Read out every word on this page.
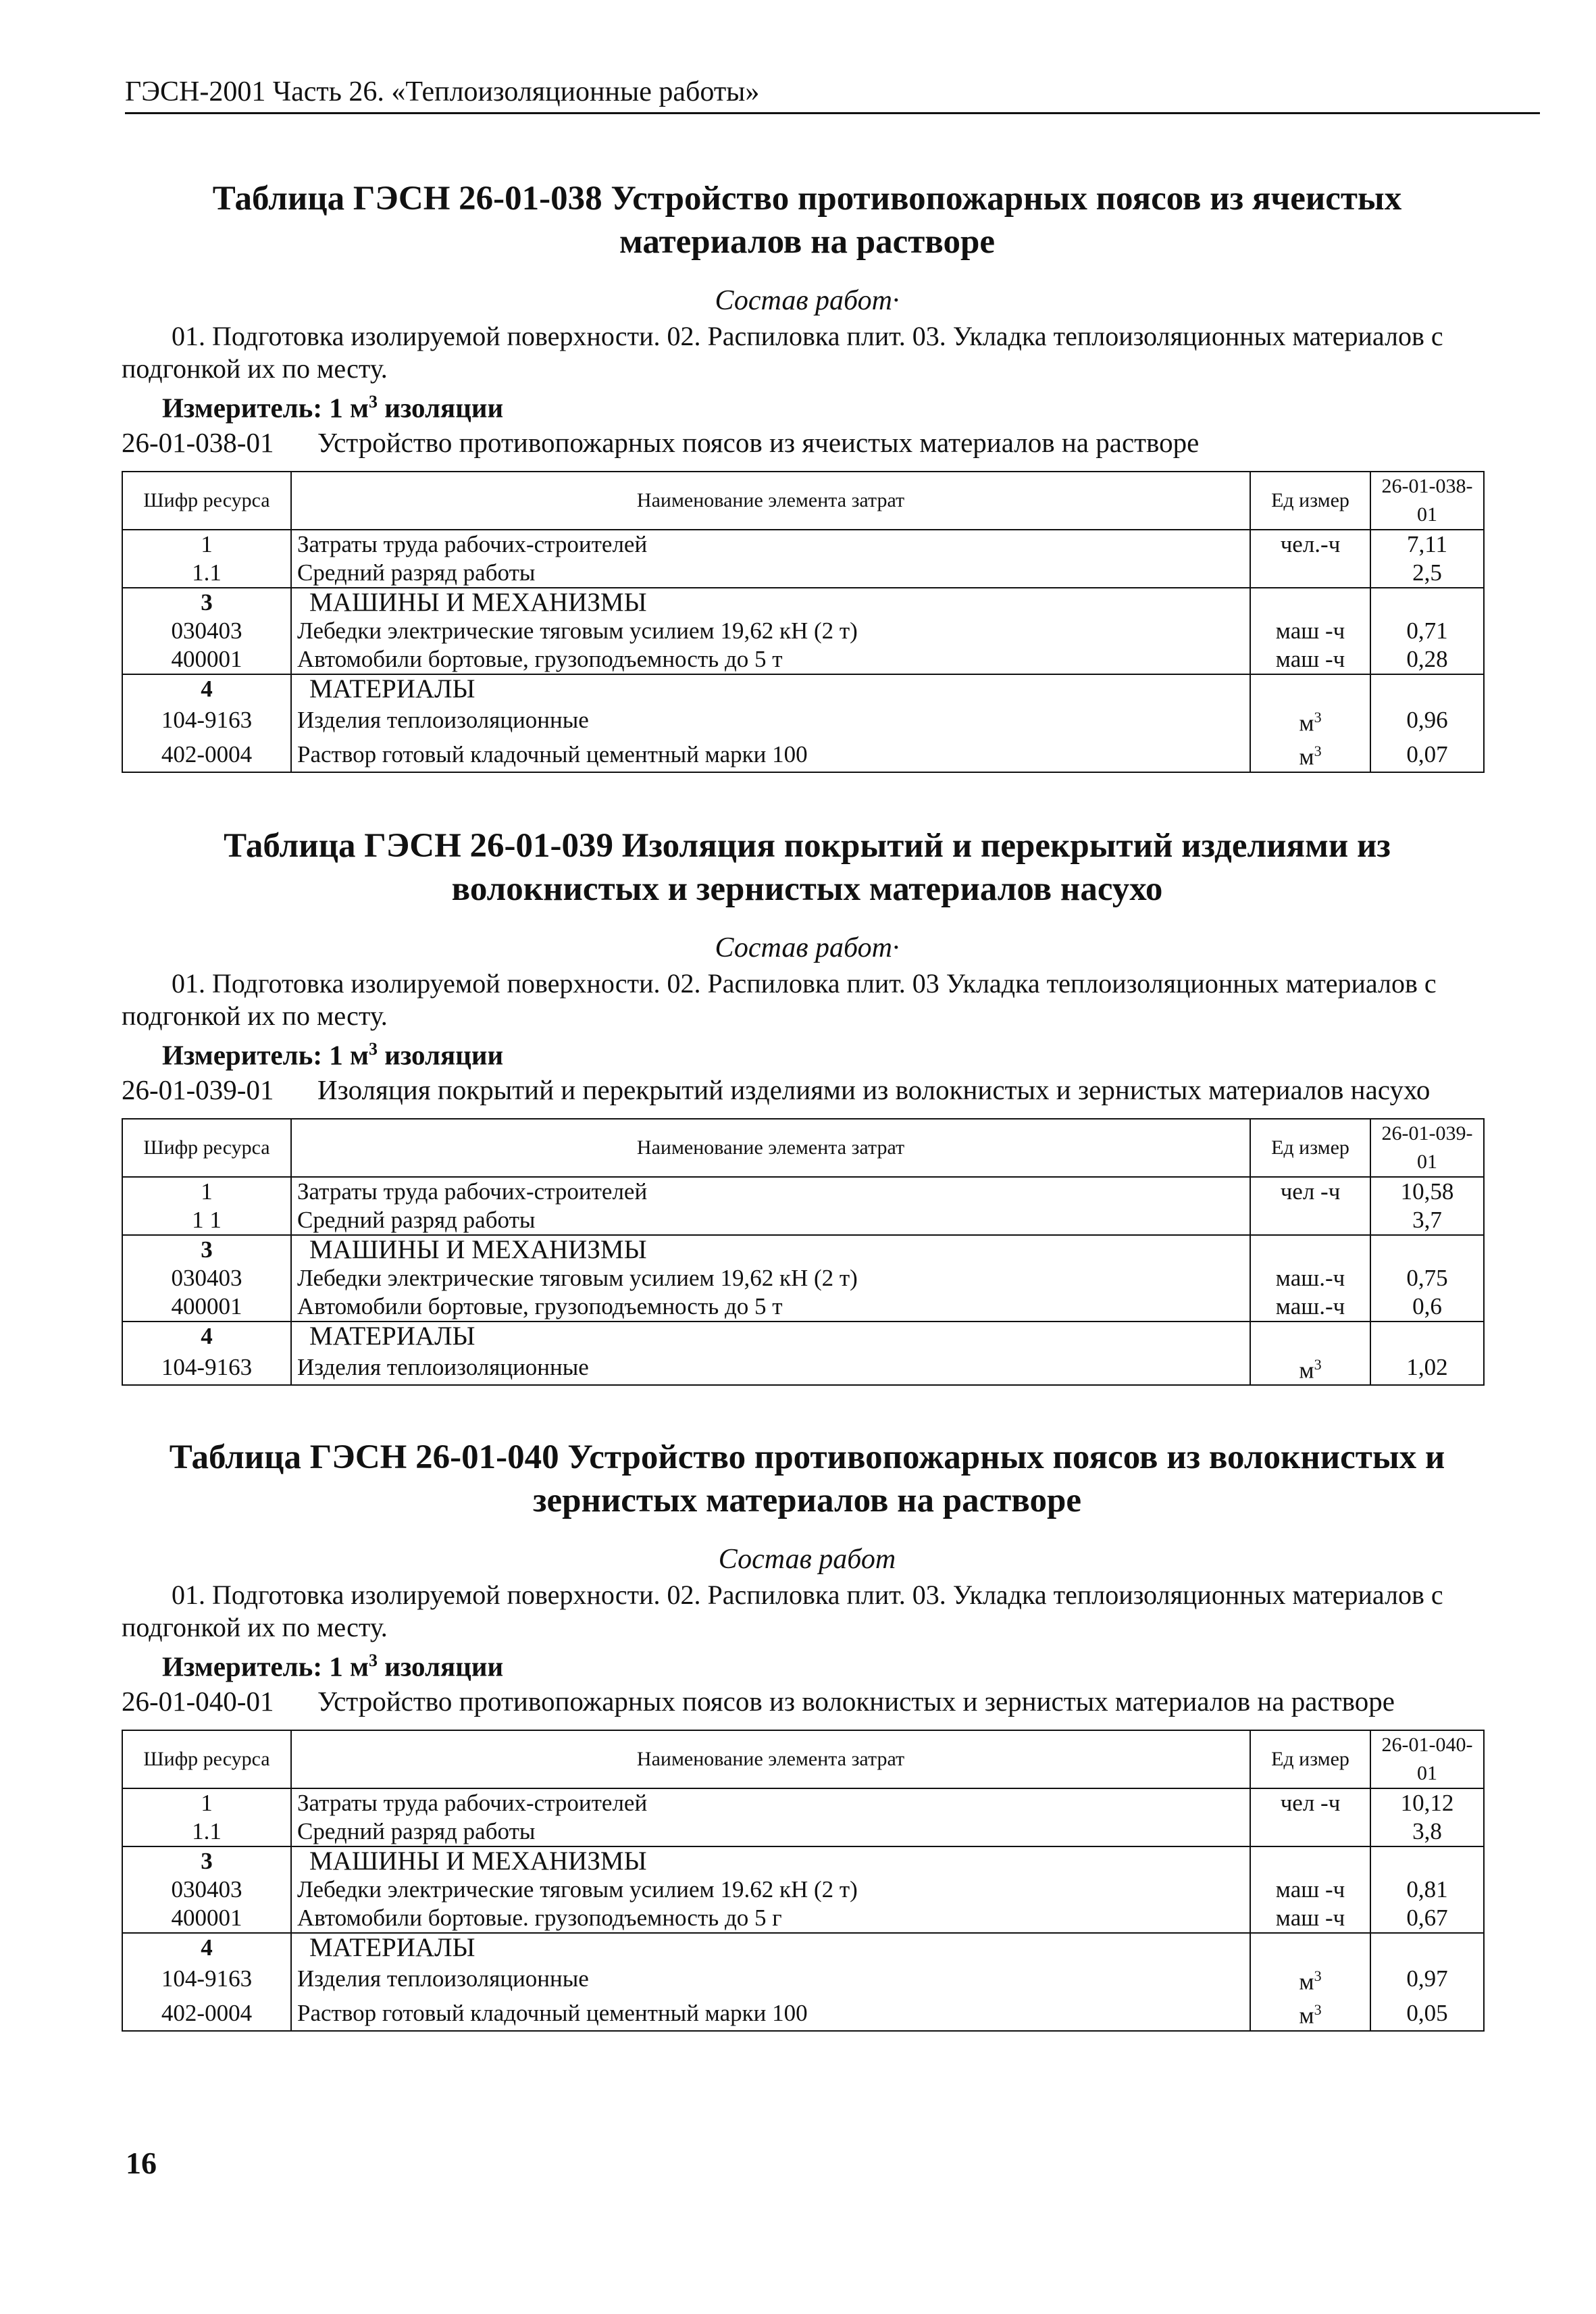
ГЭСН-2001 Часть 26. «Теплоизоляционные работы»
Таблица ГЭСН 26-01-038 Устройство противопожарных поясов из ячеистых материалов на растворе
Состав работ·
01. Подготовка изолируемой поверхности. 02. Распиловка плит. 03. Укладка теплоизоляционных материалов с подгонкой их по месту.
Измеритель: 1 $м^3$ изоляции
26-01-038-01 Устройство противопожарных поясов из ячеистых материалов на растворе
Шифр ресурса	Наименование элемента затрат	Ед измер	26-01-038-01
1	Затраты труда рабочих-строителей	чел.-ч	7,11
1.1	Средний разряд работы		2,5
3	МАШИНЫ И МЕХАНИЗМЫ		
030403	Лебедки электрические тяговым усилием 19,62 кН (2 т)	маш -ч	0,71
400001	Автомобили бортовые, грузоподъемность до 5 т	маш -ч	0,28
4	МАТЕРИАЛЫ		
104-9163	Изделия теплоизоляционные	$м^3$	0,96
402-0004	Раствор готовый кладочный цементный марки 100	$м^3$	0,07
Таблица ГЭСН 26-01-039 Изоляция покрытий и перекрытий изделиями из волокнистых и зернистых материалов насухо
Состав работ·
01. Подготовка изолируемой поверхности. 02. Распиловка плит. 03 Укладка теплоизоляционных материалов с подгонкой их по месту.
Измеритель: 1 $м^3$ изоляции
26-01-039-01 Изоляция покрытий и перекрытий изделиями из волокнистых и зернистых материалов насухо
Шифр ресурса	Наименование элемента затрат	Ед измер	26-01-039-01
1	Затраты труда рабочих-строителей	чел -ч	10,58
1 1	Средний разряд работы		3,7
3	МАШИНЫ И МЕХАНИЗМЫ		
030403	Лебедки электрические тяговым усилием 19,62 кН (2 т)	маш.-ч	0,75
400001	Автомобили бортовые, грузоподъемность до 5 т	маш.-ч	0,6
4	МАТЕРИАЛЫ		
104-9163	Изделия теплоизоляционные	$м^3$	1,02
Таблица ГЭСН 26-01-040 Устройство противопожарных поясов из волокнистых и зернистых материалов на растворе
Состав работ
01. Подготовка изолируемой поверхности. 02. Распиловка плит. 03. Укладка теплоизоляционных материалов с подгонкой их по месту.
Измеритель: 1 $м^3$ изоляции
26-01-040-01 Устройство противопожарных поясов из волокнистых и зернистых материалов на растворе
Шифр ресурса	Наименование элемента затрат	Ед измер	26-01-040-01
1	Затраты труда рабочих-строителей	чел -ч	10,12
1.1	Средний разряд работы		3,8
3	МАШИНЫ И МЕХАНИЗМЫ		
030403	Лебедки электрические тяговым усилием 19.62 кН (2 т)	маш -ч	0,81
400001	Автомобили бортовые. грузоподъемность до 5 г	маш -ч	0,67
4	МАТЕРИАЛЫ		
104-9163	Изделия теплоизоляционные	$м^3$	0,97
402-0004	Раствор готовый кладочный цементный марки 100	$м^3$	0,05
16
